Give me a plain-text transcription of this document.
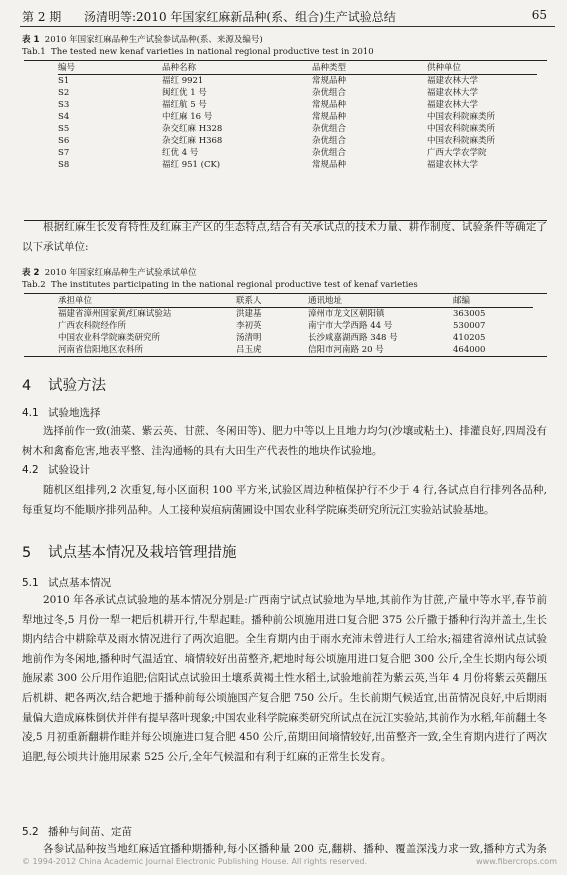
第 2 期 汤清明等:2010 年国家红麻新品种(系、组合)生产试验总结	65
表 1 2010 年国家红麻品种生产试验参试品种(系、来源及编号)
Tab.1 The tested new kenaf varieties in national regional productive test in 2010
编号	品种名称	品种类型	供种单位
S1	福红 9921	常规品种	福建农林大学
S2	闽红优 1 号	杂优组合	福建农林大学
S3	福红航 5 号	常规品种	福建农林大学
S4	中红麻 16 号	常规品种	中国农科院麻类所
S5	杂交红麻 H328	杂优组合	中国农科院麻类所
S6	杂交红麻 H368	杂优组合	中国农科院麻类所
S7	红优 4 号	杂优组合	广西大学农学院
S8	福红 951 (CK)	常规品种	福建农林大学
根据红麻生长发育特性及红麻主产区的生态特点,结合有关承试点的技术力量、耕作制度、试验条件等确定了以下承试单位:
表 2 2010 年国家红麻品种生产试验承试单位
Tab.2 The institutes participating in the national regional productive test of kenaf varieties
承担单位	联系人	通讯地址	邮编
福建省漳州国家黄/红麻试验站	洪建基	漳州市龙文区朝阳镇	363005
广西农科院经作所	李初英	南宁市大学西路 44 号	530007
中国农业科学院麻类研究所	汤清明	长沙咸嘉湖西路 348 号	410205
河南省信阳地区农科所	吕玉虎	信阳市河南路 20 号	464000
4 试验方法
4.1 试验地选择
选择前作一致(油菜、紫云英、甘蔗、冬闲田等)、肥力中等以上且地力均匀(沙壤或粘土)、排灌良好,四周没有树木和禽畜危害,地表平整、洼沟通畅的具有大田生产代表性的地块作试验地。
4.2 试验设计
随机区组排列,2 次重复,每小区面积 100 平方米,试验区周边种植保护行不少于 4 行,各试点自行排列各品种,每重复均不能顺序排列品种。人工接种炭疽病菌圃设中国农业科学院麻类研究所沅江实验站试验基地。
5 试点基本情况及栽培管理措施
5.1 试点基本情况
2010 年各承试点试验地的基本情况分别是:广西南宁试点试验地为旱地,其前作为甘蔗,产量中等水平,春节前犁地过冬,5 月份一犁一耙后机耕开行,牛犁起畦。播种前公顷施用进口复合肥 375 公斤撒于播种行沟并盖土,生长期内结合中耕除草及雨水情况进行了两次追肥。全生育期内由于雨水充沛未曾进行人工给水;福建省漳州试点试验地前作为冬闲地,播种时气温适宜、墒情较好出苗整齐,耙地时每公顷施用进口复合肥 300 公斤,全生长期内每公顷施尿素 300 公斤用作追肥;信阳试点试验田土壤系黄褐土性水稻土,试验地前茬为紫云英,当年 4 月份将紫云英翻压后机耕、耙各两次,结合耙地于播种前每公顷施国产复合肥 750 公斤。生长前期气候适宜,出苗情况良好,中后期雨量偏大造成麻株倒伏并伴有提早落叶现象;中国农业科学院麻类研究所试点在沅江实验站,其前作为水稻,年前翻土冬凌,5 月初重新翻耕作畦并每公顷施进口复合肥 450 公斤,苗期田间墒情较好,出苗整齐一致,全生育期内进行了两次追肥,每公顷共计施用尿素 525 公斤,全年气候温和有利于红麻的正常生长发育。
5.2 播种与间苗、定苗
各参试品种按当地红麻适宜播种期播种,每小区播种量 200 克,翻耕、播种、覆盖深浅力求一致,播种方式为条
© 1994-2012 China Academic Journal Electronic Publishing House. All rights reserved.	www.fibercrops.com
